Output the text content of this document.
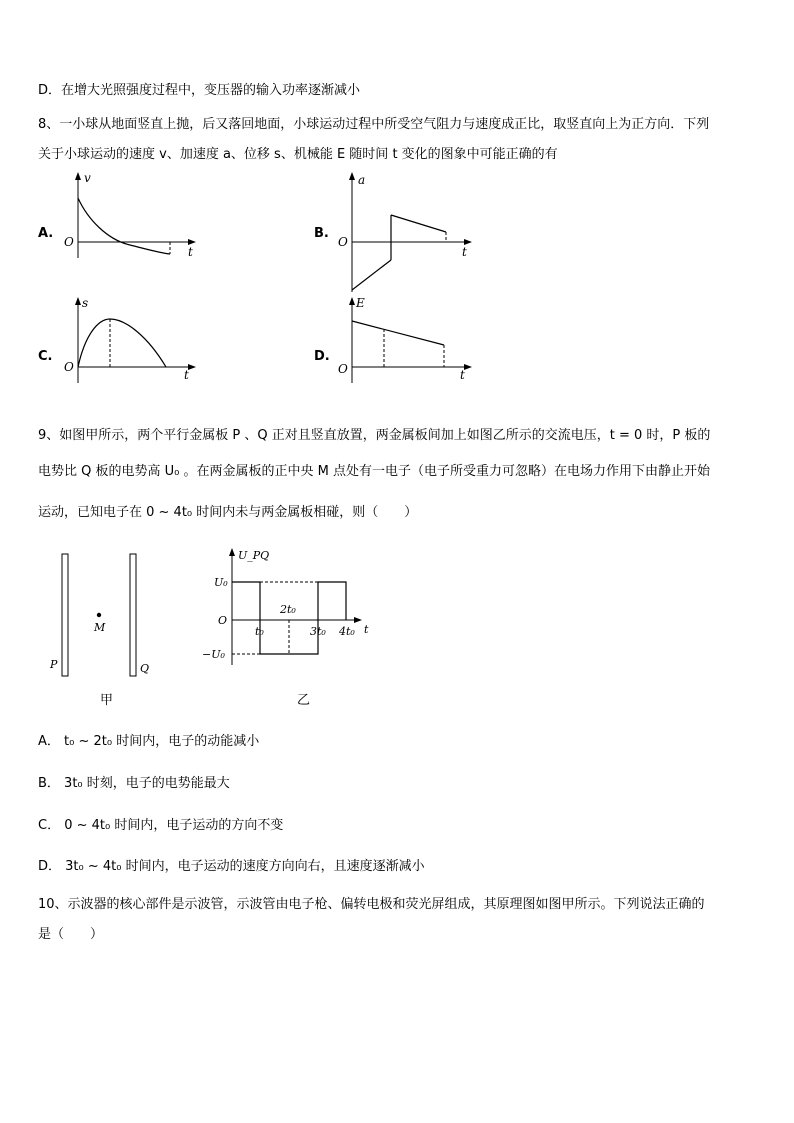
D．在增大光照强度过程中，变压器的输入功率逐渐减小
8、一小球从地面竖直上抛，后又落回地面，小球运动过程中所受空气阻力与速度成正比，取竖直向上为正方向．下列
关于小球运动的速度 v、加速度 a、位移 s、机械能 E 随时间 t 变化的图象中可能正确的有
A.	B.
C.	D.
v
t
O
a
t
O
s
t
O
E
t
O
9、如图甲所示，两个平行金属板 P 、Q 正对且竖直放置，两金属板间加上如图乙所示的交流电压，t = 0 时，P 板的
电势比 Q 板的电势高 U₀ 。在两金属板的正中央 M 点处有一电子（电子所受重力可忽略）在电场力作用下由静止开始
运动，已知电子在 0 ~ 4t₀ 时间内未与两金属板相碰，则（　　）
M
P	Q
甲
U_PQ
t
O
U₀
−U₀
t₀
2t₀
3t₀ 4t₀
乙
A． t₀ ~ 2t₀ 时间内，电子的动能减小
B． 3t₀ 时刻，电子的电势能最大
C． 0 ~ 4t₀ 时间内，电子运动的方向不变
D． 3t₀ ~ 4t₀ 时间内，电子运动的速度方向向右，且速度逐渐减小
10、示波器的核心部件是示波管，示波管由电子枪、偏转电极和荧光屏组成，其原理图如图甲所示。下列说法正确的
是（　　）
